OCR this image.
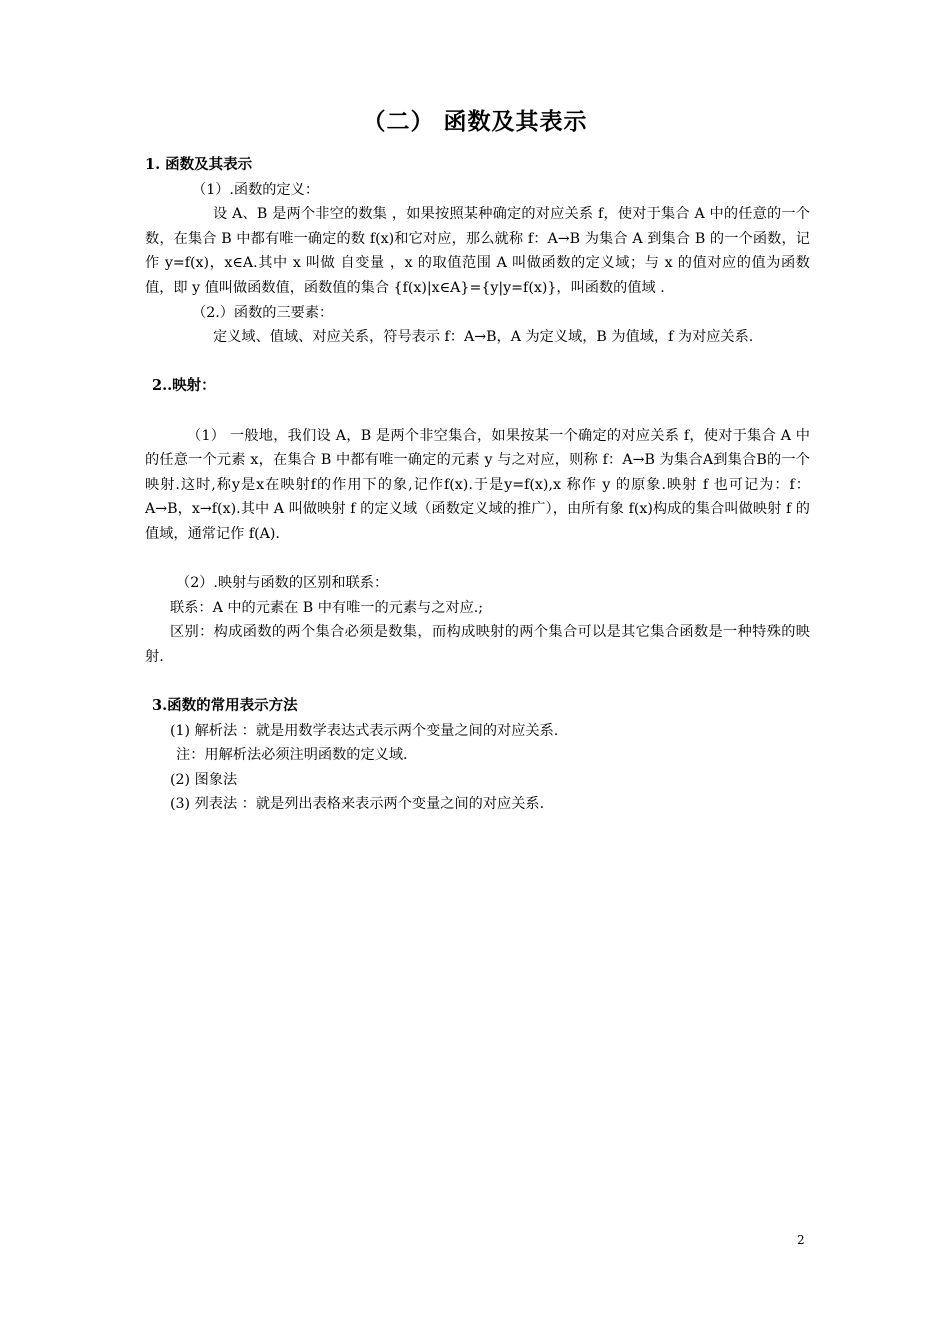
（二） 函数及其表示

1. 函数及其表示

（1）.函数的定义：

设 A、B 是两个非空的数集 ，如果按照某种确定的对应关系 f，使对于集合 A 中的任意的一个数，在集合 B 中都有唯一确定的数 f(x)和它对应，那么就称 f：A→B 为集合 A 到集合 B 的一个函数，记作 y=f(x)，x∈A.其中 x 叫做 自变量 ，x 的取值范围 A 叫做函数的定义域；与 x 的值对应的值为函数值，即 y 值叫做函数值，函数值的集合 {f(x)|x∈A}={y|y=f(x)}，叫函数的值域 .

（2.）函数的三要素：

定义域、值域、对应关系，符号表示 f：A→B，A 为定义域，B 为值域，f 为对应关系.

2..映射：

（1） 一般地，我们设 A，B 是两个非空集合，如果按某一个确定的对应关系 f，使对于集合 A 中的任意一个元素 x，在集合 B 中都有唯一确定的元素 y 与之对应，则称 f：A→B 为集合A到集合B的一个映射.这时,称y是x在映射f的作用下的象,记作f(x).于是y=f(x),x 称作 y 的原象.映射 f 也可记为：f：A→B，x→f(x).其中 A 叫做映射 f 的定义域（函数定义域的推广），由所有象 f(x)构成的集合叫做映射 f 的值域，通常记作 f(A).

（2）.映射与函数的区别和联系：

联系：A 中的元素在 B 中有唯一的元素与之对应.;

区别：构成函数的两个集合必须是数集，而构成映射的两个集合可以是其它集合函数是一种特殊的映射.

3.函数的常用表示方法

(1) 解析法 ：就是用数学表达式表示两个变量之间的对应关系.

注：用解析法必须注明函数的定义域.

(2) 图象法

(3) 列表法 ：就是列出表格来表示两个变量之间的对应关系.

2
